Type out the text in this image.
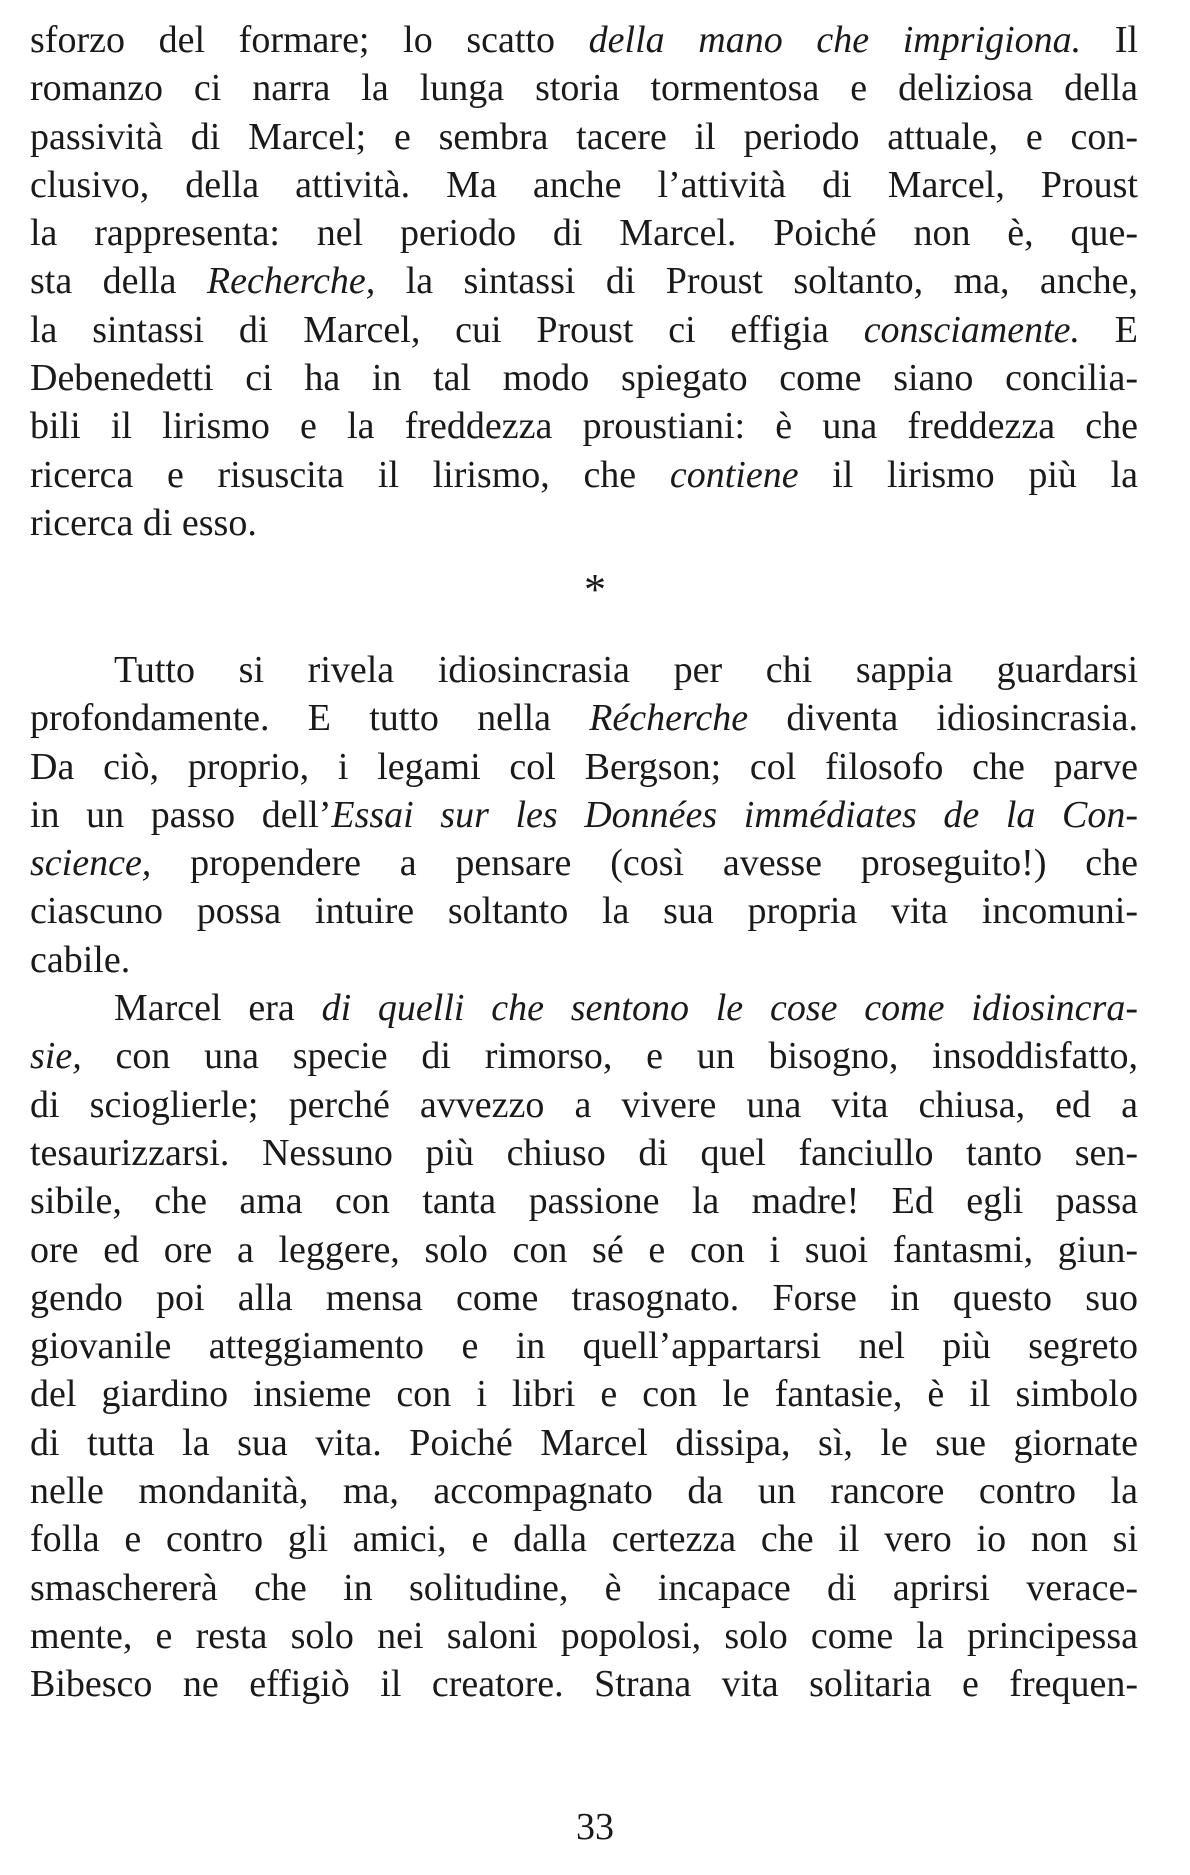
sforzo del formare; lo scatto della mano che imprigiona. Il
romanzo ci narra la lunga storia tormentosa e deliziosa della
passività di Marcel; e sembra tacere il periodo attuale, e con-
clusivo, della attività. Ma anche l’attività di Marcel, Proust
la rappresenta: nel periodo di Marcel. Poiché non è, que-
sta della Recherche, la sintassi di Proust soltanto, ma, anche,
la sintassi di Marcel, cui Proust ci effigia consciamente. E
Debenedetti ci ha in tal modo spiegato come siano concilia-
bili il lirismo e la freddezza proustiani: è una freddezza che
ricerca e risuscita il lirismo, che contiene il lirismo più la
ricerca di esso.
*
Tutto si rivela idiosincrasia per chi sappia guardarsi
profondamente. E tutto nella Récherche diventa idiosincrasia.
Da ciò, proprio, i legami col Bergson; col filosofo che parve
in un passo dell’Essai sur les Données immédiates de la Con-
science, propendere a pensare (così avesse proseguito!) che
ciascuno possa intuire soltanto la sua propria vita incomuni-
cabile.
Marcel era di quelli che sentono le cose come idiosincra-
sie, con una specie di rimorso, e un bisogno, insoddisfatto,
di scioglierle; perché avvezzo a vivere una vita chiusa, ed a
tesaurizzarsi. Nessuno più chiuso di quel fanciullo tanto sen-
sibile, che ama con tanta passione la madre! Ed egli passa
ore ed ore a leggere, solo con sé e con i suoi fantasmi, giun-
gendo poi alla mensa come trasognato. Forse in questo suo
giovanile atteggiamento e in quell’appartarsi nel più segreto
del giardino insieme con i libri e con le fantasie, è il simbolo
di tutta la sua vita. Poiché Marcel dissipa, sì, le sue giornate
nelle mondanità, ma, accompagnato da un rancore contro la
folla e contro gli amici, e dalla certezza che il vero io non si
smaschererà che in solitudine, è incapace di aprirsi verace-
mente, e resta solo nei saloni popolosi, solo come la principessa
Bibesco ne effigiò il creatore. Strana vita solitaria e frequen-
33
